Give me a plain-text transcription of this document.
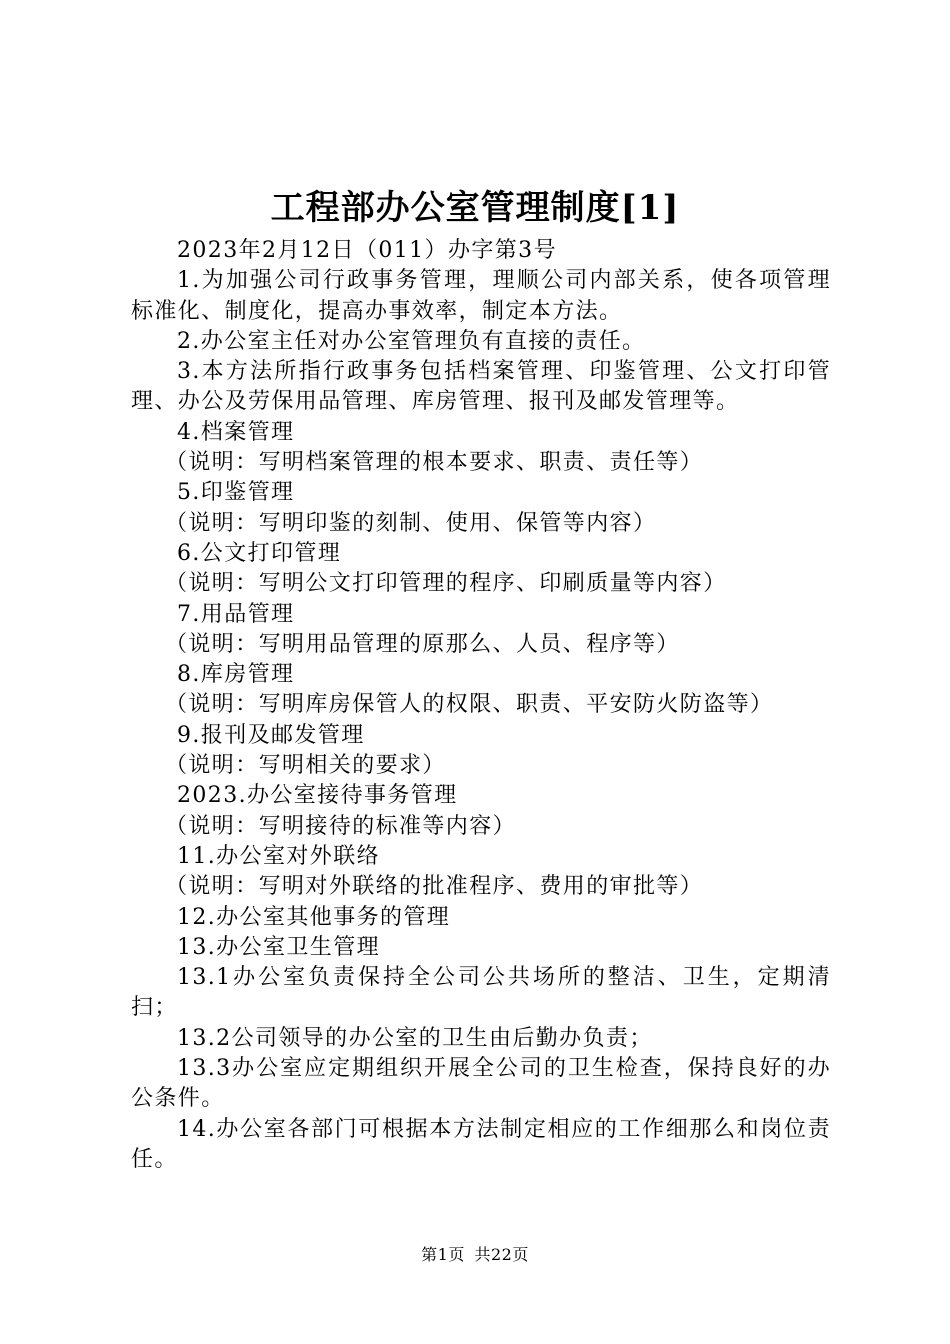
工程部办公室管理制度[1]

2023年2月12日（011）办字第3号

1.为加强公司行政事务管理，理顺公司内部关系，使各项管理标准化、制度化，提高办事效率，制定本方法。

2.办公室主任对办公室管理负有直接的责任。

3.本方法所指行政事务包括档案管理、印鉴管理、公文打印管理、办公及劳保用品管理、库房管理、报刊及邮发管理等。

4.档案管理

（说明：写明档案管理的根本要求、职责、责任等）

5.印鉴管理

（说明：写明印鉴的刻制、使用、保管等内容）

6.公文打印管理

（说明：写明公文打印管理的程序、印刷质量等内容）

7.用品管理

（说明：写明用品管理的原那么、人员、程序等）

8.库房管理

（说明：写明库房保管人的权限、职责、平安防火防盗等）

9.报刊及邮发管理

（说明：写明相关的要求）

2023.办公室接待事务管理

（说明：写明接待的标准等内容）

11.办公室对外联络

（说明：写明对外联络的批准程序、费用的审批等）

12.办公室其他事务的管理

13.办公室卫生管理

13.1办公室负责保持全公司公共场所的整洁、卫生，定期清扫；

13.2公司领导的办公室的卫生由后勤办负责；

13.3办公室应定期组织开展全公司的卫生检查，保持良好的办公条件。

14.办公室各部门可根据本方法制定相应的工作细那么和岗位责任。

第1页 共22页
